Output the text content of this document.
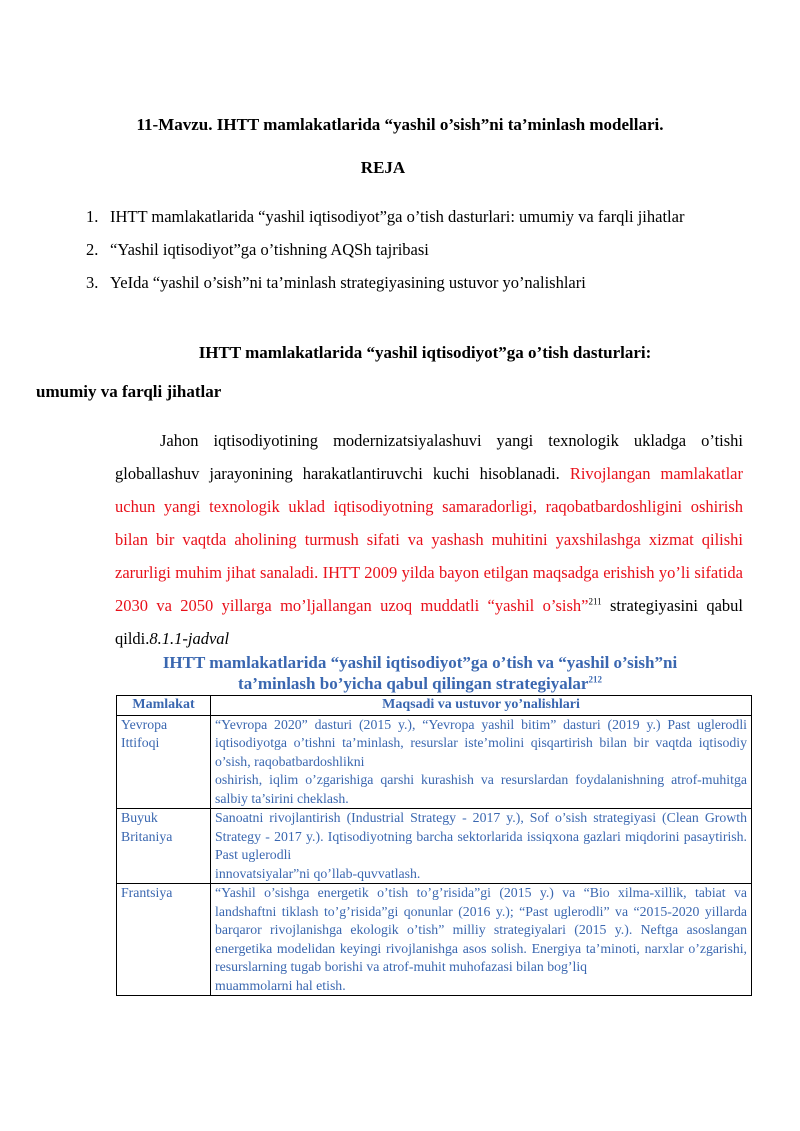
11-Mavzu. IHTT mamlakatlarida “yashil o’sish”ni ta’minlash modellari.
REJA
1. IHTT mamlakatlarida “yashil iqtisodiyot”ga o’tish dasturlari: umumiy va farqli jihatlar
2. “Yashil iqtisodiyot”ga o’tishning AQSh tajribasi
3. YeIda “yashil o’sish”ni ta’minlash strategiyasining ustuvor yo’nalishlari
IHTT mamlakatlarida “yashil iqtisodiyot”ga o’tish dasturlari:
umumiy va farqli jihatlar

Jahon iqtisodiyotining modernizatsiyalashuvi yangi texnologik ukladga o’tishi globallashuv jarayonining harakatlantiruvchi kuchi hisoblanadi. Rivojlangan mamlakatlar uchun yangi texnologik uklad iqtisodiyotning samaradorligi, raqobatbardoshligini oshirish bilan bir vaqtda aholining turmush sifati va yashash muhitini yaxshilashga xizmat qilishi zarurligi muhim jihat sanaladi. IHTT 2009 yilda bayon etilgan maqsadga erishish yo’li sifatida 2030 va 2050 yillarga mo’ljallangan uzoq muddatli “yashil o’sish”$^{211}$ strategiyasini qabul qildi.8.1.1-jadval

IHTT mamlakatlarida “yashil iqtisodiyot”ga o’tish va “yashil o’sish”ni
ta’minlash bo’yicha qabul qilingan strategiyalar$^{212}$
Mamlakat	Maqsadi va ustuvor yo’nalishlari
Yevropa Ittifoqi	“Yevropa 2020” dasturi (2015 y.), “Yevropa yashil bitim” dasturi (2019 y.) Past uglerodli iqtisodiyotga o’tishni ta’minlash, resurslar iste’molini qisqartirish bilan bir vaqtda iqtisodiy o’sish, raqobatbardoshlikni
oshirish, iqlim o’zgarishiga qarshi kurashish va resurslardan foydalanishning atrof-muhitga salbiy ta’sirini cheklash.

Buyuk Britaniya	Sanoatni rivojlantirish (Industrial Strategy - 2017 y.), Sof o’sish strategiyasi (Clean Growth Strategy - 2017 y.). Iqtisodiyotning barcha sektorlarida issiqxona gazlari miqdorini pasaytirish. Past uglerodli
innovatsiyalar”ni qo’llab-quvvatlash.

Frantsiya	“Yashil o’sishga energetik o’tish to’g’risida”gi (2015 y.) va “Bio xilma-xillik, tabiat va landshaftni tiklash to’g’risida”gi qonunlar (2016 y.); “Past uglerodli” va “2015-2020 yillarda barqaror rivojlanishga ekologik o’tish” milliy strategiyalari (2015 y.). Neftga asoslangan energetika modelidan keyingi rivojlanishga asos solish. Energiya ta’minoti, narxlar o’zgarishi, resurslarning tugab borishi va atrof-muhit muhofazasi bilan bog’liq
muammolarni hal etish.
